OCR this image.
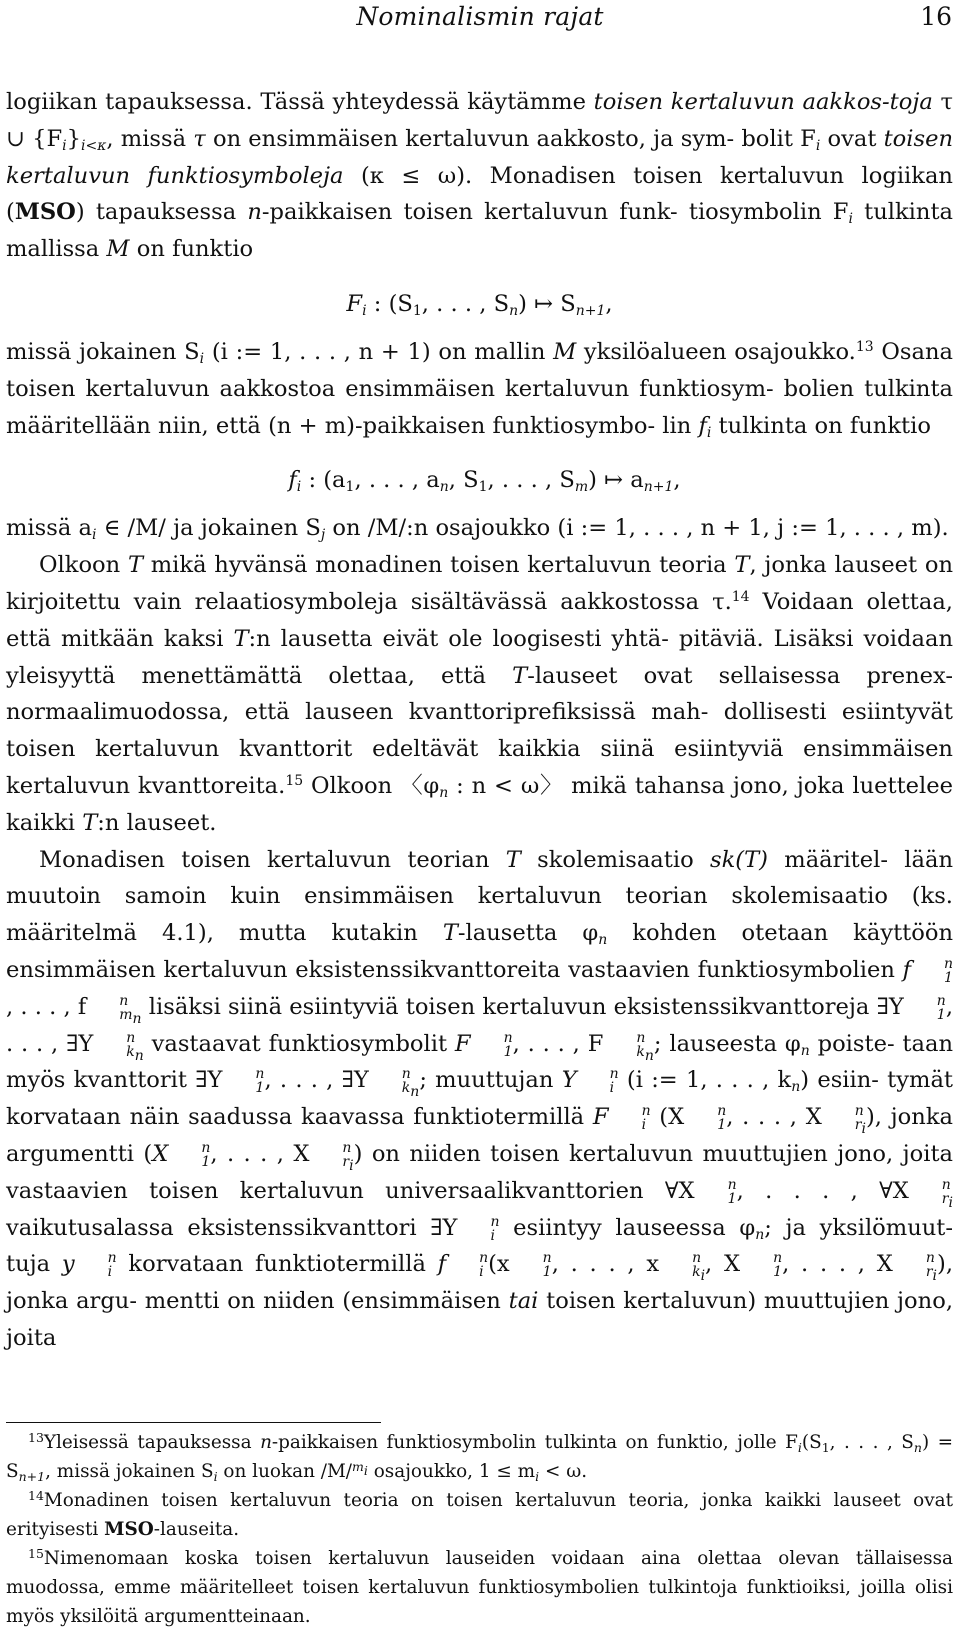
Nominalismin rajat	16

logiikan tapauksessa. Tässä yhteydessä käytämme toisen kertaluvun aakkos-toja τ ∪ $\{F_i\}_{i<\kappa}$, missä τ on ensimmäisen kertaluvun aakkosto, ja sym- bolit $F_i$ ovat toisen kertaluvun funktiosymboleja (κ ≤ ω). Monadisen toisen kertaluvun logiikan (MSO) tapauksessa n-paikkaisen toisen kertaluvun funk- tiosymbolin $F_i$ tulkinta mallissa M on funktio

$F_i$ : ($S_1$, . . . , $S_n$) ↦ $S_{n+1}$,

missä jokainen $S_i$ (i := 1, . . . , n + 1) on mallin M yksilöalueen osajoukko.$^{13}$ Osana toisen kertaluvun aakkostoa ensimmäisen kertaluvun funktiosym- bolien tulkinta määritellään niin, että (n + m)-paikkaisen funktiosymbo- lin $f_i$ tulkinta on funktio

$f_i$ : ($a_1$, . . . , $a_n$, $S_1$, . . . , $S_m$) ↦ $a_{n+1}$,

missä $a_i$ ∈ /M/ ja jokainen $S_j$ on /M/:n osajoukko (i := 1, . . . , n + 1, j := 1, . . . , m).

Olkoon T mikä hyvänsä monadinen toisen kertaluvun teoria T, jonka lauseet on kirjoitettu vain relaatiosymboleja sisältävässä aakkostossa τ.$^{14}$ Voidaan olettaa, että mitkään kaksi T:n lausetta eivät ole loogisesti yhtä- pitäviä. Lisäksi voidaan yleisyyttä menettämättä olettaa, että T-lauseet ovat sellaisessa prenex-normaalimuodossa, että lauseen kvanttoriprefiksissä mah- dollisesti esiintyvät toisen kertaluvun kvanttorit edeltävät kaikkia siinä esiintyviä ensimmäisen kertaluvun kvanttoreita.$^{15}$ Olkoon 〈$\varphi_n$ : n < ω〉 mikä tahansa jono, joka luettelee kaikki T:n lauseet.

Monadisen toisen kertaluvun teorian T skolemisaatio sk(T) määritel- lään muutoin samoin kuin ensimmäisen kertaluvun teorian skolemisaatio (ks. määritelmä 4.1), mutta kutakin T-lausetta $\varphi_n$ kohden otetaan käyttöön ensimmäisen kertaluvun eksistenssikvanttoreita vastaavien funktiosymbolien f	n
1
, . . . , f	n
$m_n$ lisäksi siinä esiintyviä toisen kertaluvun eksistenssikvanttoreja ∃Y	n
1 , . . . , ∃Y	n
$k_n$ vastaavat funktiosymbolit F	n
1 , . . . , F	n
$k_n$ ; lauseesta $\varphi_n$ poiste- taan myös kvanttorit ∃Y	n
1 , . . . , ∃Y	n
$k_n$ ; muuttujan Y	n
i (i := 1, . . . , $k_n$) esiin- tymät korvataan näin saadussa kaavassa funktiotermillä F	n
i (X	n
1 , . . . , X	n
$r_i$ ), jonka argumentti (X	n
1 , . . . , X	n
$r_i$ ) on niiden toisen kertaluvun muuttujien jono, joita vastaavien toisen kertaluvun universaalikvanttorien ∀X	n
1 , . . . , ∀X	n
$r_i$
vaikutusalassa eksistenssikvanttori ∃Y	n
i esiintyy lauseessa $\varphi_n$; ja yksilömuut- tuja y	n
i korvataan funktiotermillä f	n
i (x	n
1 , . . . , x	n
$k_i$ , X	n
1 , . . . , X	n
$r_i$ ), jonka argu- mentti on niiden (ensimmäisen tai toisen kertaluvun) muuttujien jono, joita

$^{13}$Yleisessä tapauksessa n-paikkaisen funktiosymbolin tulkinta on funktio, jolle $F_i(S_1$, . . . , $S_n) = S_{n+1}$, missä jokainen $S_i$ on luokan /M/$^{m_i}$ osajoukko, $1 \le m_i < \omega$.

$^{14}$Monadinen toisen kertaluvun teoria on toisen kertaluvun teoria, jonka kaikki lauseet ovat erityisesti MSO-lauseita.

$^{15}$Nimenomaan koska toisen kertaluvun lauseiden voidaan aina olettaa olevan tällaisessa muodossa, emme määritelleet toisen kertaluvun funktiosymbolien tulkintoja funktioiksi, joilla olisi myös yksilöitä argumentteinaan.
